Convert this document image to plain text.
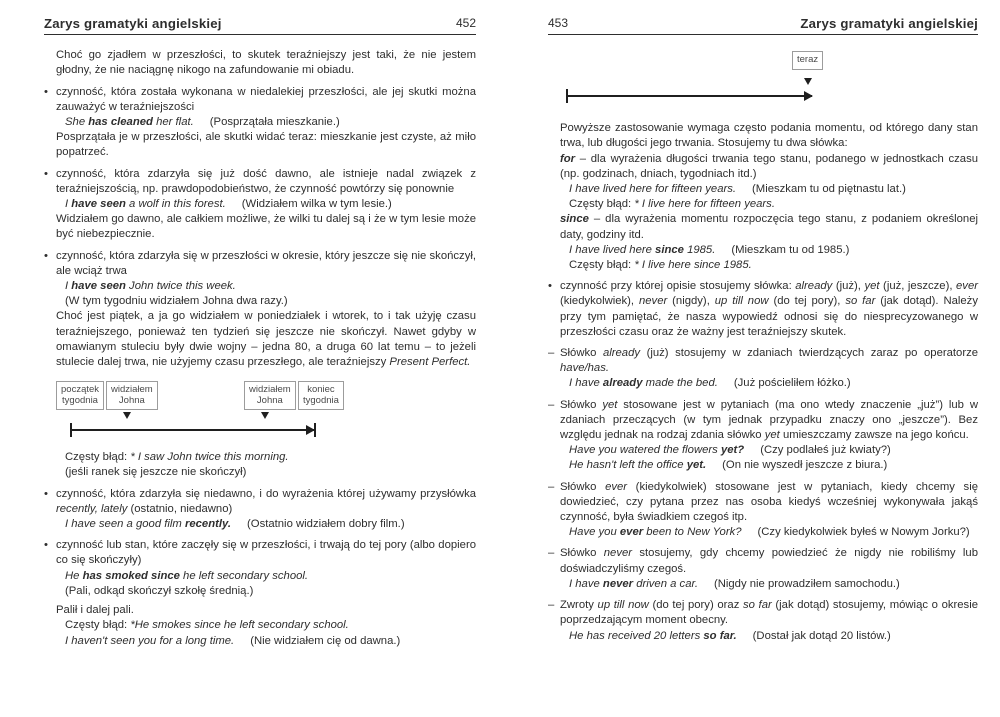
Zarys gramatyki angielskiej	452
Choć go zjadłem w przeszłości, to skutek teraźniejszy jest taki, że nie jestem głodny, że nie naciągnę nikogo na zafundowanie mi obiadu.
• czynność, która została wykonana w niedalekiej przeszłości, ale jej skutki można zauważyć w teraźniejszości
She has cleaned her flat. (Posprzątała mieszkanie.)
Posprzątała je w przeszłości, ale skutki widać teraz: mieszkanie jest czyste, aż miło popatrzeć.
• czynność, która zdarzyła się już dość dawno, ale istnieje nadal związek z teraźniejszością, np. prawdopodobieństwo, że czynność powtórzy się ponownie
I have seen a wolf in this forest. (Widziałem wilka w tym lesie.)
Widziałem go dawno, ale całkiem możliwe, że wilki tu dalej są i że w tym lesie może być niebezpiecznie.
• czynność, która zdarzyła się w przeszłości w okresie, który jeszcze się nie skończył, ale wciąż trwa
I have seen John twice this week.
(W tym tygodniu widziałem Johna dwa razy.)
Choć jest piątek, a ja go widziałem w poniedziałek i wtorek, to i tak użyję czasu teraźniejszego, ponieważ ten tydzień się jeszcze nie skończył. Nawet gdyby w omawianym stuleciu były dwie wojny – jedna 80, a druga 60 lat temu – to jeżeli stulecie dalej trwa, nie użyjemy czasu przeszłego, ale teraźniejszy Present Perfect.
początek
tygodnia
widziałem
Johna
widziałem
Johna
koniec
tygodnia
Częsty błąd: * I saw John twice this morning.
(jeśli ranek się jeszcze nie skończył)
• czynność, która zdarzyła się niedawno, i do wyrażenia której używamy przysłówka recently, lately (ostatnio, niedawno)
I have seen a good film recently. (Ostatnio widziałem dobry film.)
• czynność lub stan, które zaczęły się w przeszłości, i trwają do tej pory (albo dopiero co się skończyły)
He has smoked since he left secondary school.
(Pali, odkąd skończył szkołę średnią.)
Palił i dalej pali.
Częsty błąd: *He smokes since he left secondary school.
I haven't seen you for a long time. (Nie widziałem cię od dawna.)
453	Zarys gramatyki angielskiej
teraz
Powyższe zastosowanie wymaga często podania momentu, od którego dany stan trwa, lub długości jego trwania. Stosujemy tu dwa słówka:
for – dla wyrażenia długości trwania tego stanu, podanego w jednostkach czasu (np. godzinach, dniach, tygodniach itd.)
I have lived here for fifteen years. (Mieszkam tu od piętnastu lat.)
Częsty błąd: * I live here for fifteen years.
since – dla wyrażenia momentu rozpoczęcia tego stanu, z podaniem określonej daty, godziny itd.
I have lived here since 1985. (Mieszkam tu od 1985.)
Częsty błąd: * I live here since 1985.
• czynność przy której opisie stosujemy słówka: already (już), yet (już, jeszcze), ever (kiedykolwiek), never (nigdy), up till now (do tej pory), so far (jak dotąd). Należy przy tym pamiętać, że nasza wypowiedź odnosi się do niesprecyzowanego w przeszłości czasu oraz że ważny jest teraźniejszy skutek.
– Słówko already (już) stosujemy w zdaniach twierdzących zaraz po operatorze have/has.
I have already made the bed. (Już pościeliłem łóżko.)
– Słówko yet stosowane jest w pytaniach (ma ono wtedy znaczenie „już”) lub w zdaniach przeczących (w tym jednak przypadku znaczy ono „jeszcze”). Bez względu jednak na rodzaj zdania słówko yet umieszczamy zawsze na jego końcu.
Have you watered the flowers yet? (Czy podlałeś już kwiaty?)
He hasn't left the office yet. (On nie wyszedł jeszcze z biura.)
– Słówko ever (kiedykolwiek) stosowane jest w pytaniach, kiedy chcemy się dowiedzieć, czy pytana przez nas osoba kiedyś wcześniej wykonywała jakąś czynność, była świadkiem czegoś itp.
Have you ever been to New York? (Czy kiedykolwiek byłeś w Nowym Jorku?)
– Słówko never stosujemy, gdy chcemy powiedzieć że nigdy nie robiliśmy lub doświadczyliśmy czegoś.
I have never driven a car. (Nigdy nie prowadziłem samochodu.)
– Zwroty up till now (do tej pory) oraz so far (jak dotąd) stosujemy, mówiąc o okresie poprzedzającym moment obecny.
He has received 20 letters so far. (Dostał jak dotąd 20 listów.)
